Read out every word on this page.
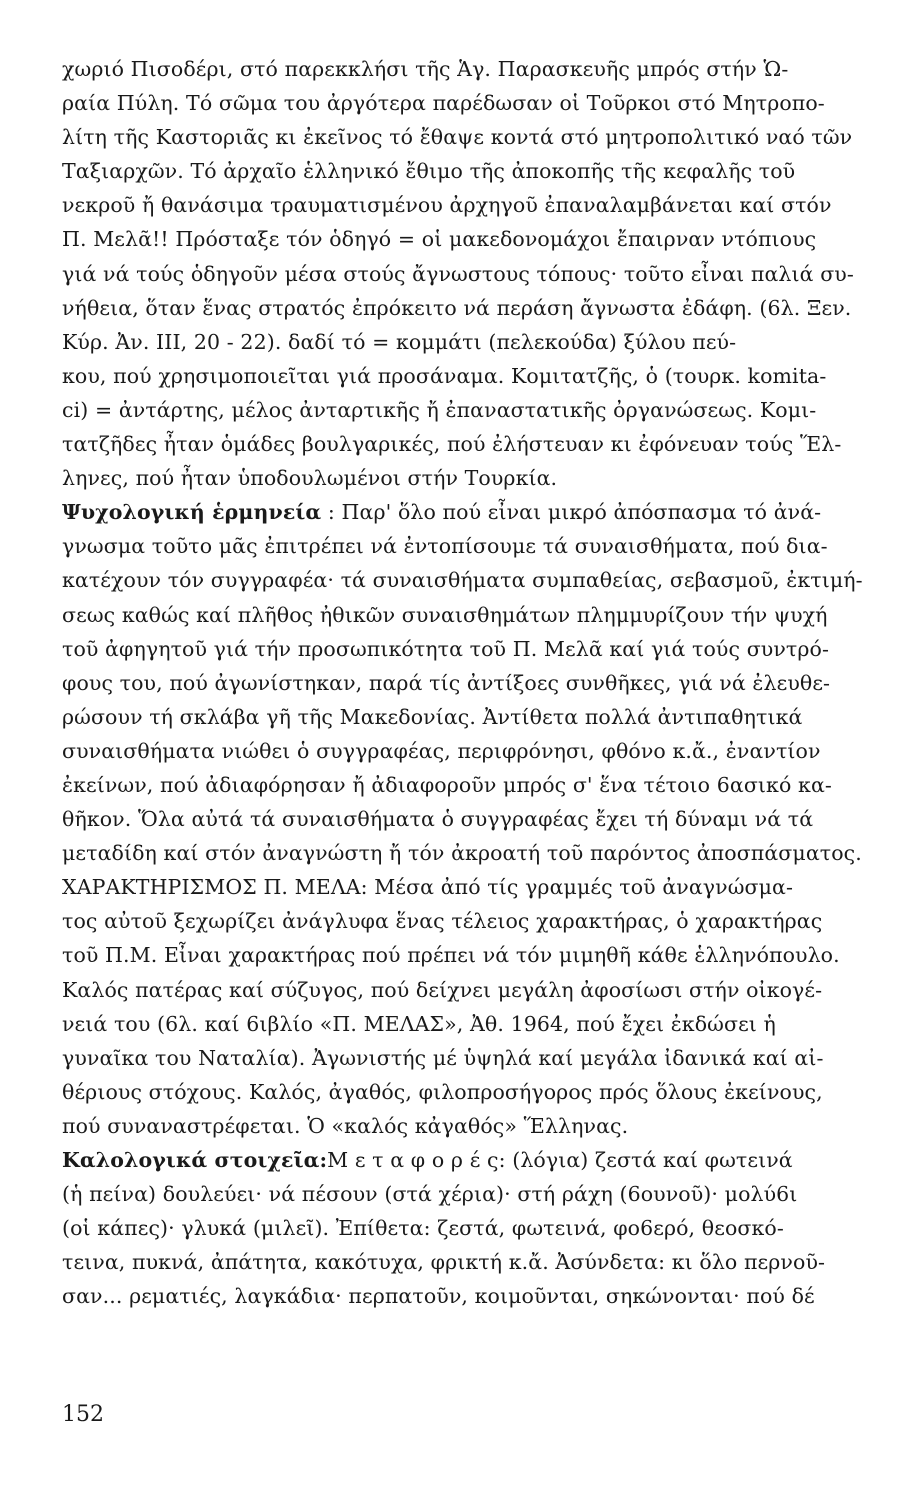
χωριό Πισοδέρι, στό παρεκκλήσι τῆς Ἁγ. Παρασκευῆς μπρός στήν Ὡ-
ραία Πύλη. Τό σῶμα του ἀργότερα παρέδωσαν οἱ Τοῦρκοι στό Μητροπο-
λίτη τῆς Καστοριᾶς κι ἐκεῖνος τό ἔθαψε κοντά στό μητροπολιτικό ναό τῶν
Ταξιαρχῶν. Τό ἀρχαῖο ἑλληνικό ἔθιμο τῆς ἀποκοπῆς τῆς κεφαλῆς τοῦ
νεκροῦ ἤ θανάσιμα τραυματισμένου ἀρχηγοῦ ἐπαναλαμβάνεται καί στόν
Π. Μελᾶ!! Πρόσταξε τόν ὁδηγό = οἱ μακεδονομάχοι ἔπαιρναν ντόπιους
γιά νά τούς ὁδηγοῦν μέσα στούς ἄγνωστους τόπους· τοῦτο εἶναι παλιά συ-
νήθεια, ὅταν ἕνας στρατός ἐπρόκειτο νά περάση ἄγνωστα ἐδάφη. (6λ. Ξεν.
Κύρ. Ἀν. ΙΙΙ, 20 - 22). δαδί τό = κομμάτι (πελεκούδα) ξύλου πεύ-
κου, πού χρησιμοποιεῖται γιά προσάναμα. Κομιτατζῆς, ὁ (τουρκ. komita-
ci) = ἀντάρτης, μέλος ἀνταρτικῆς ἤ ἐπαναστατικῆς ὀργανώσεως. Κομι-
τατζῆδες ἦταν ὁμάδες βουλγαρικές, πού ἐλήστευαν κι ἐφόνευαν τούς Ἕλ-
ληνες, πού ἦταν ὑποδουλωμένοι στήν Τουρκία.
Ψυχολογική ἑρμηνεία : Παρ' ὅλο πού εἶναι μικρό ἀπόσπασμα τό ἀνά-
γνωσμα τοῦτο μᾶς ἐπιτρέπει νά ἐντοπίσουμε τά συναισθήματα, πού δια-
κατέχουν τόν συγγραφέα· τά συναισθήματα συμπαθείας, σεβασμοῦ, ἐκτιμή-
σεως καθώς καί πλῆθος ἠθικῶν συναισθημάτων πλημμυρίζουν τήν ψυχή
τοῦ ἀφηγητοῦ γιά τήν προσωπικότητα τοῦ Π. Μελᾶ καί γιά τούς συντρό-
φους του, πού ἀγωνίστηκαν, παρά τίς ἀντίξοες συνθῆκες, γιά νά ἐλευθε-
ρώσουν τή σκλάβα γῆ τῆς Μακεδονίας. Ἀντίθετα πολλά ἀντιπαθητικά
συναισθήματα νιώθει ὁ συγγραφέας, περιφρόνησι, φθόνο κ.ἄ., ἐναντίον
ἐκείνων, πού ἀδιαφόρησαν ἤ ἀδιαφοροῦν μπρός σ' ἕνα τέτοιο 6ασικό κα-
θῆκον. Ὅλα αὐτά τά συναισθήματα ὁ συγγραφέας ἔχει τή δύναμι νά τά
μεταδίδη καί στόν ἀναγνώστη ἤ τόν ἀκροατή τοῦ παρόντος ἀποσπάσματος.
ΧΑΡΑΚΤΗΡΙΣΜΟΣ Π. ΜΕΛΑ: Μέσα ἀπό τίς γραμμές τοῦ ἀναγνώσμα-
τος αὐτοῦ ξεχωρίζει ἀνάγλυφα ἕνας τέλειος χαρακτήρας, ὁ χαρακτήρας
τοῦ Π.Μ. Εἶναι χαρακτήρας πού πρέπει νά τόν μιμηθῆ κάθε ἑλληνόπουλο.
Καλός πατέρας καί σύζυγος, πού δείχνει μεγάλη ἀφοσίωσι στήν οἰκογέ-
νειά του (6λ. καί 6ιβλίο «Π. ΜΕΛΑΣ», Ἀθ. 1964, πού ἔχει ἐκδώσει ἡ
γυναῖκα του Ναταλία). Ἀγωνιστής μέ ὑψηλά καί μεγάλα ἰδανικά καί αἰ-
θέριους στόχους. Καλός, ἀγαθός, φιλοπροσήγορος πρός ὅλους ἐκείνους,
πού συναναστρέφεται. Ὁ «καλός κἀγαθός» Ἕλληνας.
Καλολογικά στοιχεῖα:Μ ε τ α φ ο ρ έ ς: (λόγια) ζεστά καί φωτεινά
(ἡ πείνα) δουλεύει· νά πέσουν (στά χέρια)· στή ράχη (6ουνοῦ)· μολύ6ι
(οἱ κάπες)· γλυκά (μιλεῖ). Ἐπίθετα: ζεστά, φωτεινά, φο6ερό, θεοσκό-
τεινα, πυκνά, ἀπάτητα, κακότυχα, φρικτή κ.ἄ. Ἀσύνδετα: κι ὅλο περνοῦ-
σαν... ρεματιές, λαγκάδια· περπατοῦν, κοιμοῦνται, σηκώνονται· πού δέ
152
